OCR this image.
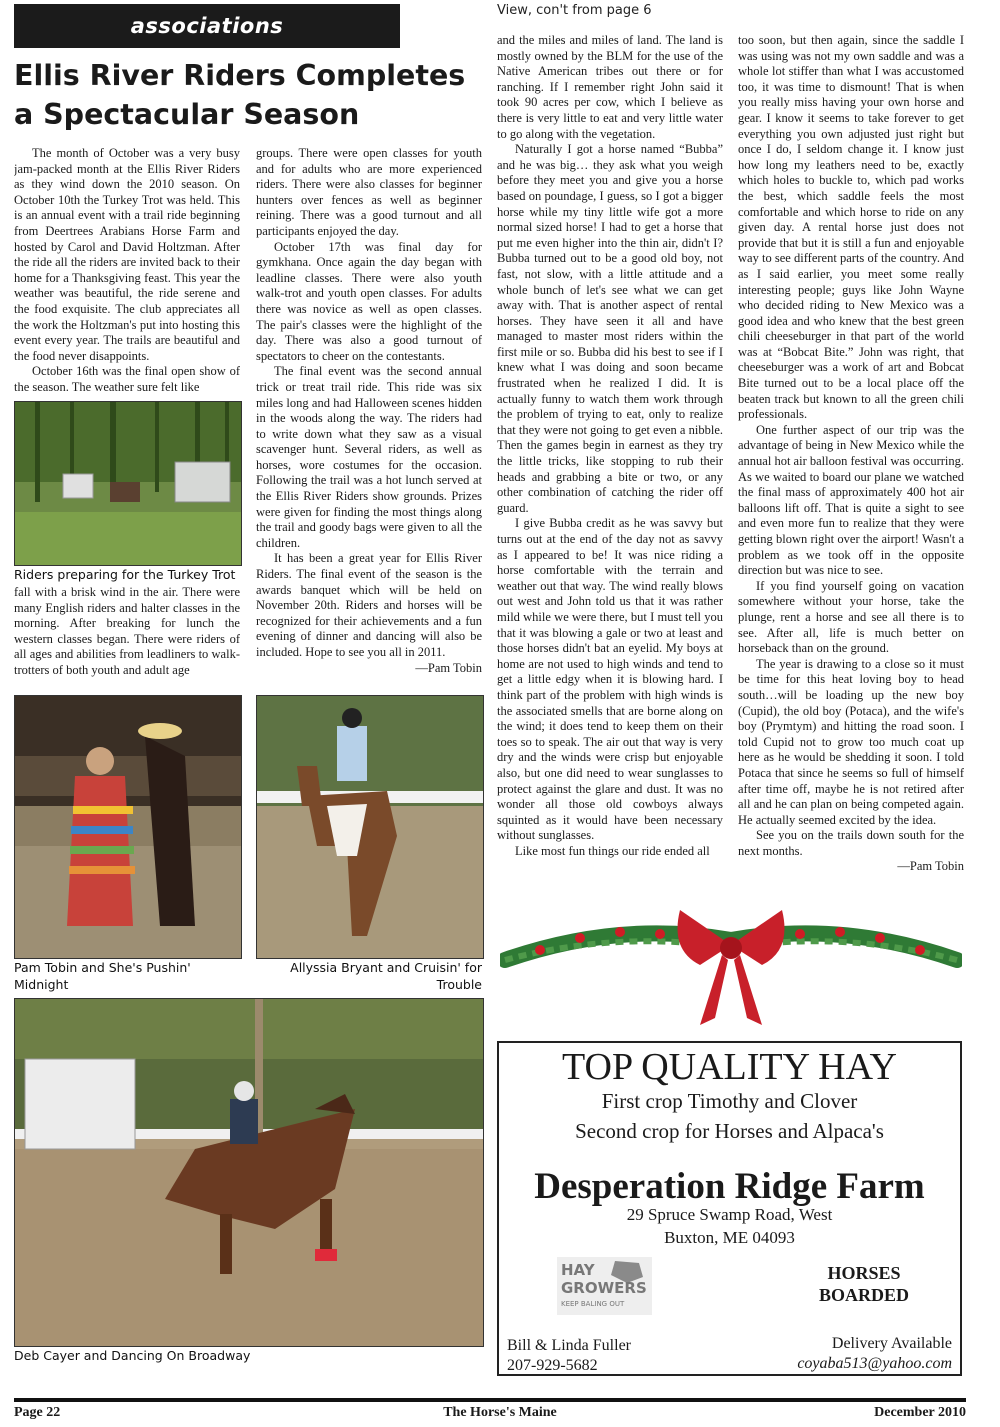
associations
Ellis River Riders Completes a Spectacular Season
View, con't from page 6

The month of October was a very busy jam-packed month at the Ellis River Riders as they wind down the 2010 season. On October 10th the Turkey Trot was held. This is an annual event with a trail ride beginning from Deertrees Arabians Horse Farm and hosted by Carol and David Holtzman. After the ride all the riders are invited back to their home for a Thanksgiving feast. This year the weather was beautiful, the ride serene and the food exquisite. The club appreciates all the work the Holtzman's put into hosting this event every year. The trails are beautiful and the food never disappoints.

October 16th was the final open show of the season. The weather sure felt like

Riders preparing for the Turkey Trot

fall with a brisk wind in the air. There were many English riders and halter classes in the morning. After breaking for lunch the western classes began. There were riders of all ages and abilities from leadliners to walk-trotters of both youth and adult age

groups. There were open classes for youth and for adults who are more experienced riders. There were also classes for beginner hunters over fences as well as beginner reining. There was a good turnout and all participants enjoyed the day.

October 17th was final day for gymkhana. Once again the day began with leadline classes. There were also youth walk-trot and youth open classes. For adults there was novice as well as open classes. The pair's classes were the highlight of the day. There was also a good turnout of spectators to cheer on the contestants.

The final event was the second annual trick or treat trail ride. This ride was six miles long and had Halloween scenes hidden in the woods along the way. The riders had to write down what they saw as a visual scavenger hunt. Several riders, as well as horses, wore costumes for the occasion. Following the trail was a hot lunch served at the Ellis River Riders show grounds. Prizes were given for finding the most things along the trail and goody bags were given to all the children.

It has been a great year for Ellis River Riders. The final event of the season is the awards banquet which will be held on November 20th. Riders and horses will be recognized for their achievements and a fun evening of dinner and dancing will also be included. Hope to see you all in 2011.

—Pam Tobin

Pam Tobin and She's Pushin' Midnight
Allyssia Bryant and Cruisin' for Trouble
Deb Cayer and Dancing On Broadway

and the miles and miles of land. The land is mostly owned by the BLM for the use of the Native American tribes out there or for ranching. If I remember right John said it took 90 acres per cow, which I believe as there is very little to eat and very little water to go along with the vegetation.

Naturally I got a horse named “Bubba” and he was big… they ask what you weigh before they meet you and give you a horse based on poundage, I guess, so I got a bigger horse while my tiny little wife got a more normal sized horse! I had to get a horse that put me even higher into the thin air, didn't I? Bubba turned out to be a good old boy, not fast, not slow, with a little attitude and a whole bunch of let's see what we can get away with. That is another aspect of rental horses. They have seen it all and have managed to master most riders within the first mile or so. Bubba did his best to see if I knew what I was doing and soon became frustrated when he realized I did. It is actually funny to watch them work through the problem of trying to eat, only to realize that they were not going to get even a nibble. Then the games begin in earnest as they try the little tricks, like stopping to rub their heads and grabbing a bite or two, or any other combination of catching the rider off guard.

I give Bubba credit as he was savvy but turns out at the end of the day not as savvy as I appeared to be! It was nice riding a horse comfortable with the terrain and weather out that way. The wind really blows out west and John told us that it was rather mild while we were there, but I must tell you that it was blowing a gale or two at least and those horses didn't bat an eyelid. My boys at home are not used to high winds and tend to get a little edgy when it is blowing hard. I think part of the problem with high winds is the associated smells that are borne along on the wind; it does tend to keep them on their toes so to speak. The air out that way is very dry and the winds were crisp but enjoyable also, but one did need to wear sunglasses to protect against the glare and dust. It was no wonder all those old cowboys always squinted as it would have been necessary without sunglasses.

Like most fun things our ride ended all

too soon, but then again, since the saddle I was using was not my own saddle and was a whole lot stiffer than what I was accustomed too, it was time to dismount! That is when you really miss having your own horse and gear. I know it seems to take forever to get everything you own adjusted just right but once I do, I seldom change it. I know just how long my leathers need to be, exactly which holes to buckle to, which pad works the best, which saddle feels the most comfortable and which horse to ride on any given day. A rental horse just does not provide that but it is still a fun and enjoyable way to see different parts of the country. And as I said earlier, you meet some really interesting people; guys like John Wayne who decided riding to New Mexico was a good idea and who knew that the best green chili cheeseburger in that part of the world was at “Bobcat Bite.” John was right, that cheeseburger was a work of art and Bobcat Bite turned out to be a local place off the beaten track but known to all the green chili professionals.

One further aspect of our trip was the advantage of being in New Mexico while the annual hot air balloon festival was occurring. As we waited to board our plane we watched the final mass of approximately 400 hot air balloons lift off. That is quite a sight to see and even more fun to realize that they were getting blown right over the airport! Wasn't a problem as we took off in the opposite direction but was nice to see.

If you find yourself going on vacation somewhere without your horse, take the plunge, rent a horse and see all there is to see. After all, life is much better on horseback than on the ground.

The year is drawing to a close so it must be time for this heat loving boy to head south…will be loading up the new boy (Cupid), the old boy (Potaca), and the wife's boy (Prymtym) and hitting the road soon. I told Cupid not to grow too much coat up here as he would be shedding it soon. I told Potaca that since he seems so full of himself after time off, maybe he is not retired after all and he can plan on being competed again. He actually seemed excited by the idea.

See you on the trails down south for the next months.

—Pam Tobin

TOP QUALITY HAY
First crop Timothy and Clover
Second crop for Horses and Alpaca's
Desperation Ridge Farm
29 Spruce Swamp Road, West
Buxton, ME 04093
HAY
GROWERS
KEEP BALING OUT
HORSES
BOARDED
Bill & Linda Fuller
207-929-5682
Delivery Available
coyaba513@yahoo.com
Page 22	The Horse's Maine	December 2010
